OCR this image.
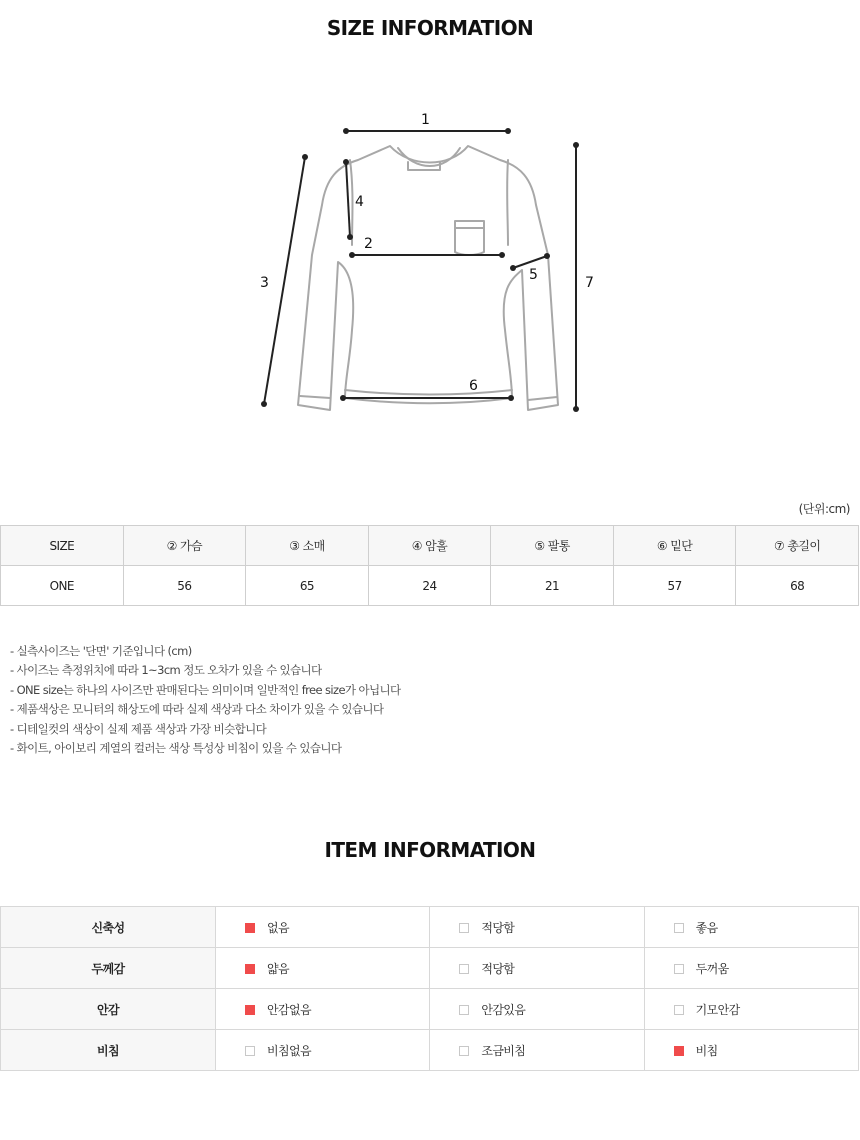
SIZE INFORMATION
1
2
3
4
5
6
7
(단위:cm)
SIZE	② 가슴	③ 소매	④ 암홀	⑤ 팔통	⑥ 밑단	⑦ 총길이
ONE	56	65	24	21	57	68
- 실측사이즈는 '단면' 기준입니다 (cm)
- 사이즈는 측정위치에 따라 1~3cm 정도 오차가 있을 수 있습니다
- ONE size는 하나의 사이즈만 판매된다는 의미이며 일반적인 free size가 아닙니다
- 제품색상은 모니터의 해상도에 따라 실제 색상과 다소 차이가 있을 수 있습니다
- 디테일컷의 색상이 실제 제품 색상과 가장 비슷합니다
- 화이트, 아이보리 계열의 컬러는 색상 특성상 비침이 있을 수 있습니다
ITEM INFORMATION
신축성	없음	적당함	좋음
두께감	얇음	적당함	두꺼움
안감	안감없음	안감있음	기모안감
비침	비침없음	조금비침	비침
